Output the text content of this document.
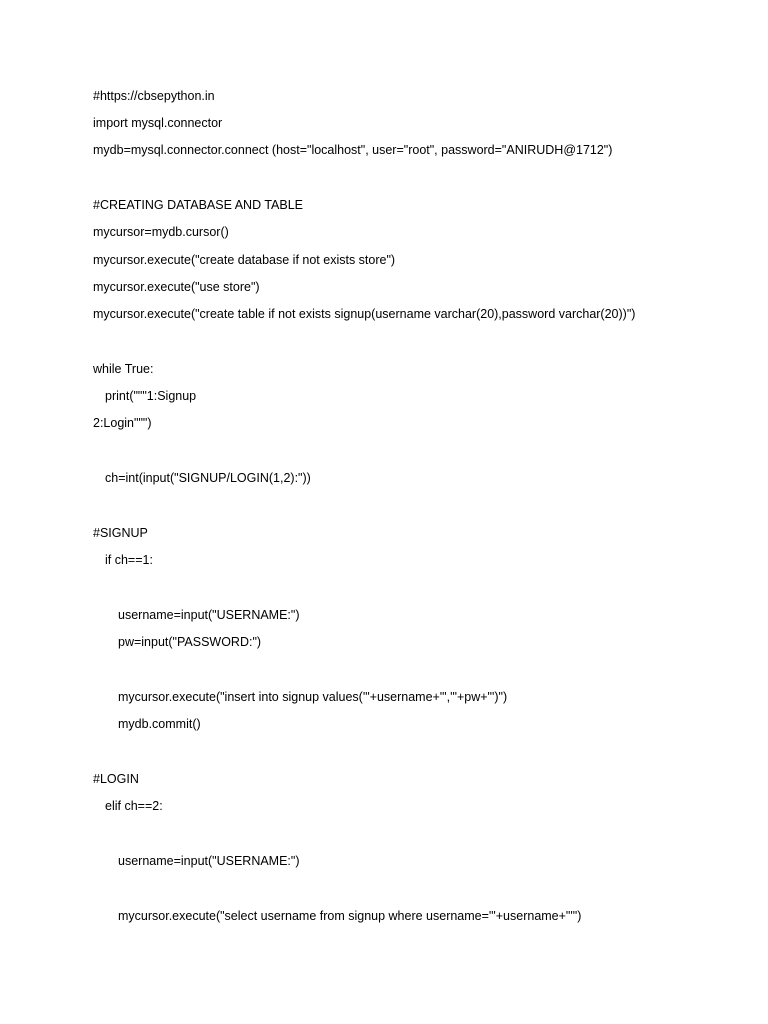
#https://cbsepython.in
import mysql.connector
mydb=mysql.connector.connect (host="localhost", user="root", password="ANIRUDH@1712")
#CREATING DATABASE AND TABLE
mycursor=mydb.cursor()
mycursor.execute("create database if not exists store")
mycursor.execute("use store")
mycursor.execute("create table if not exists signup(username varchar(20),password varchar(20))")
while True:
print("""1:Signup
2:Login""")
ch=int(input("SIGNUP/LOGIN(1,2):"))
#SIGNUP
if ch==1:
username=input("USERNAME:")
pw=input("PASSWORD:")
mycursor.execute("insert into signup values('"+username+"','"+pw+"')")
mydb.commit()
#LOGIN
elif ch==2:
username=input("USERNAME:")
mycursor.execute("select username from signup where username='"+username+"'")
